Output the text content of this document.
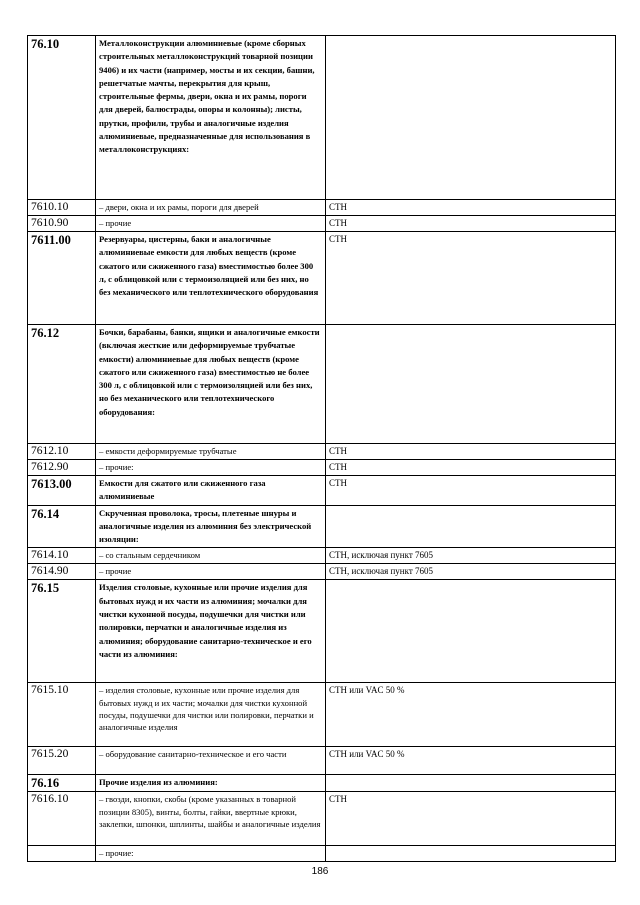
76.10	Металлоконструкции алюминиевые (кроме сборных строительных металлоконструкций товарной позиции 9406) и их части (например, мосты и их секции, башни, решетчатые мачты, перекрытия для крыш, строительные фермы, двери, окна и их рамы, пороги для дверей, балюстрады, опоры и колонны); листы, прутки, профили, трубы и аналогичные изделия алюминиевые, предназначенные для использования в металлоконструкциях:	
7610.10	– двери, окна и их рамы, пороги для дверей	СТН
7610.90	– прочие	СТН
7611.00	Резервуары, цистерны, баки и аналогичные алюминиевые емкости для любых веществ (кроме сжатого или сжиженного газа) вместимостью более 300 л, с облицовкой или с термоизоляцией или без них, но без механического или теплотехнического оборудования	СТН
76.12	Бочки, барабаны, банки, ящики и аналогичные емкости (включая жесткие или деформируемые трубчатые емкости) алюминиевые для любых веществ (кроме сжатого или сжиженного газа) вместимостью не более 300 л, с облицовкой или с термоизоляцией или без них, но без механического или теплотехнического оборудования:	
7612.10	– емкости деформируемые трубчатые	СТН
7612.90	– прочие:	СТН
7613.00	Емкости для сжатого или сжиженного газа алюминиевые	СТН
76.14	Скрученная проволока, тросы, плетеные шнуры и аналогичные изделия из алюминия без электрической изоляции:	
7614.10	– со стальным сердечником	СТН, исключая пункт 7605
7614.90	– прочие	СТН, исключая пункт 7605
76.15	Изделия столовые, кухонные или прочие изделия для бытовых нужд и их части из алюминия; мочалки для чистки кухонной посуды, подушечки для чистки или полировки, перчатки и аналогичные изделия из алюминия; оборудование санитарно-техническое и его части из алюминия:	
7615.10	– изделия столовые, кухонные или прочие изделия для бытовых нужд и их части; мочалки для чистки кухонной посуды, подушечки для чистки или полировки, перчатки и аналогичные изделия	СТН или VAC 50 %
7615.20	– оборудование санитарно-техническое и его части	СТН или VAC 50 %
76.16	Прочие изделия из алюминия:	
7616.10	– гвозди, кнопки, скобы (кроме указанных в товарной позиции 8305), винты, болты, гайки, ввертные крюки, заклепки, шпонки, шплинты, шайбы и аналогичные изделия	СТН
	– прочие:	
186
